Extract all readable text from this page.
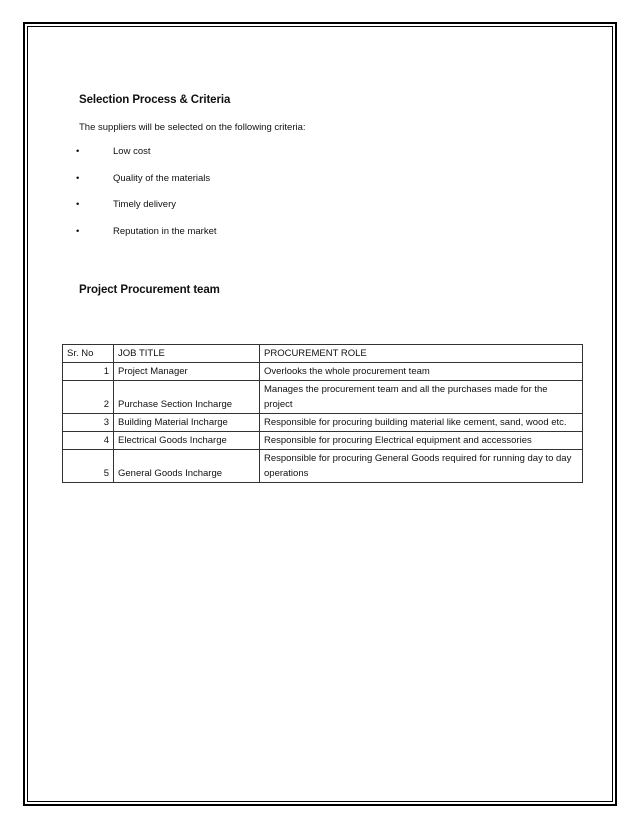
Selection Process & Criteria
The suppliers will be selected on the following criteria:
•	Low cost
•	Quality of the materials
•	Timely delivery
•	Reputation in the market
Project Procurement team
Sr. No	JOB TITLE	PROCUREMENT ROLE
1	Project Manager	Overlooks the whole procurement team
2	Purchase Section Incharge	Manages the procurement team and all the purchases made for the project
3	Building Material Incharge	Responsible for procuring building material like cement, sand, wood etc.
4	Electrical Goods Incharge	Responsible for procuring Electrical equipment and accessories
5	General Goods Incharge	Responsible for procuring General Goods required for running day to day operations
